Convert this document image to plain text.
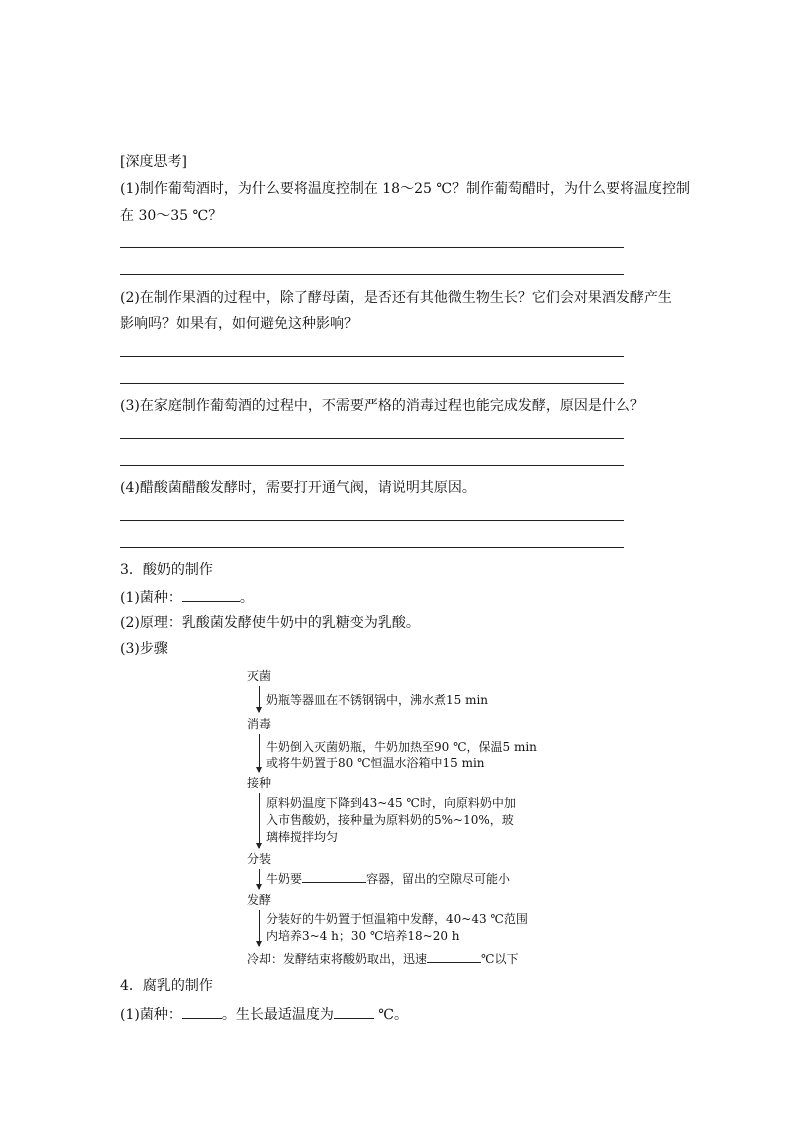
[深度思考]
(1)制作葡萄酒时，为什么要将温度控制在 18～25 ℃？制作葡萄醋时，为什么要将温度控制
在 30～35 ℃？
(2)在制作果酒的过程中，除了酵母菌，是否还有其他微生物生长？它们会对果酒发酵产生
影响吗？如果有，如何避免这种影响？
(3)在家庭制作葡萄酒的过程中，不需要严格的消毒过程也能完成发酵，原因是什么？
(4)醋酸菌醋酸发酵时，需要打开通气阀，请说明其原因。
3．酸奶的制作
(1)菌种：	。
(2)原理：乳酸菌发酵使牛奶中的乳糖变为乳酸。
(3)步骤
灭菌
奶瓶等器皿在不锈钢锅中，沸水煮15 min
消毒
牛奶倒入灭菌奶瓶，牛奶加热至90 ℃，保温5 min
或将牛奶置于80 ℃恒温水浴箱中15 min
接种
原料奶温度下降到43~45 ℃时，向原料奶中加
入市售酸奶，接种量为原料奶的5%~10%，玻
璃棒搅拌均匀
分装
牛奶要	容器，留出的空隙尽可能小
发酵
分装好的牛奶置于恒温箱中发酵，40~43 ℃范围
内培养3~4 h；30 ℃培养18~20 h
冷却：发酵结束将酸奶取出，迅速	℃以下
4．腐乳的制作
(1)菌种：	。生长最适温度为	℃。
